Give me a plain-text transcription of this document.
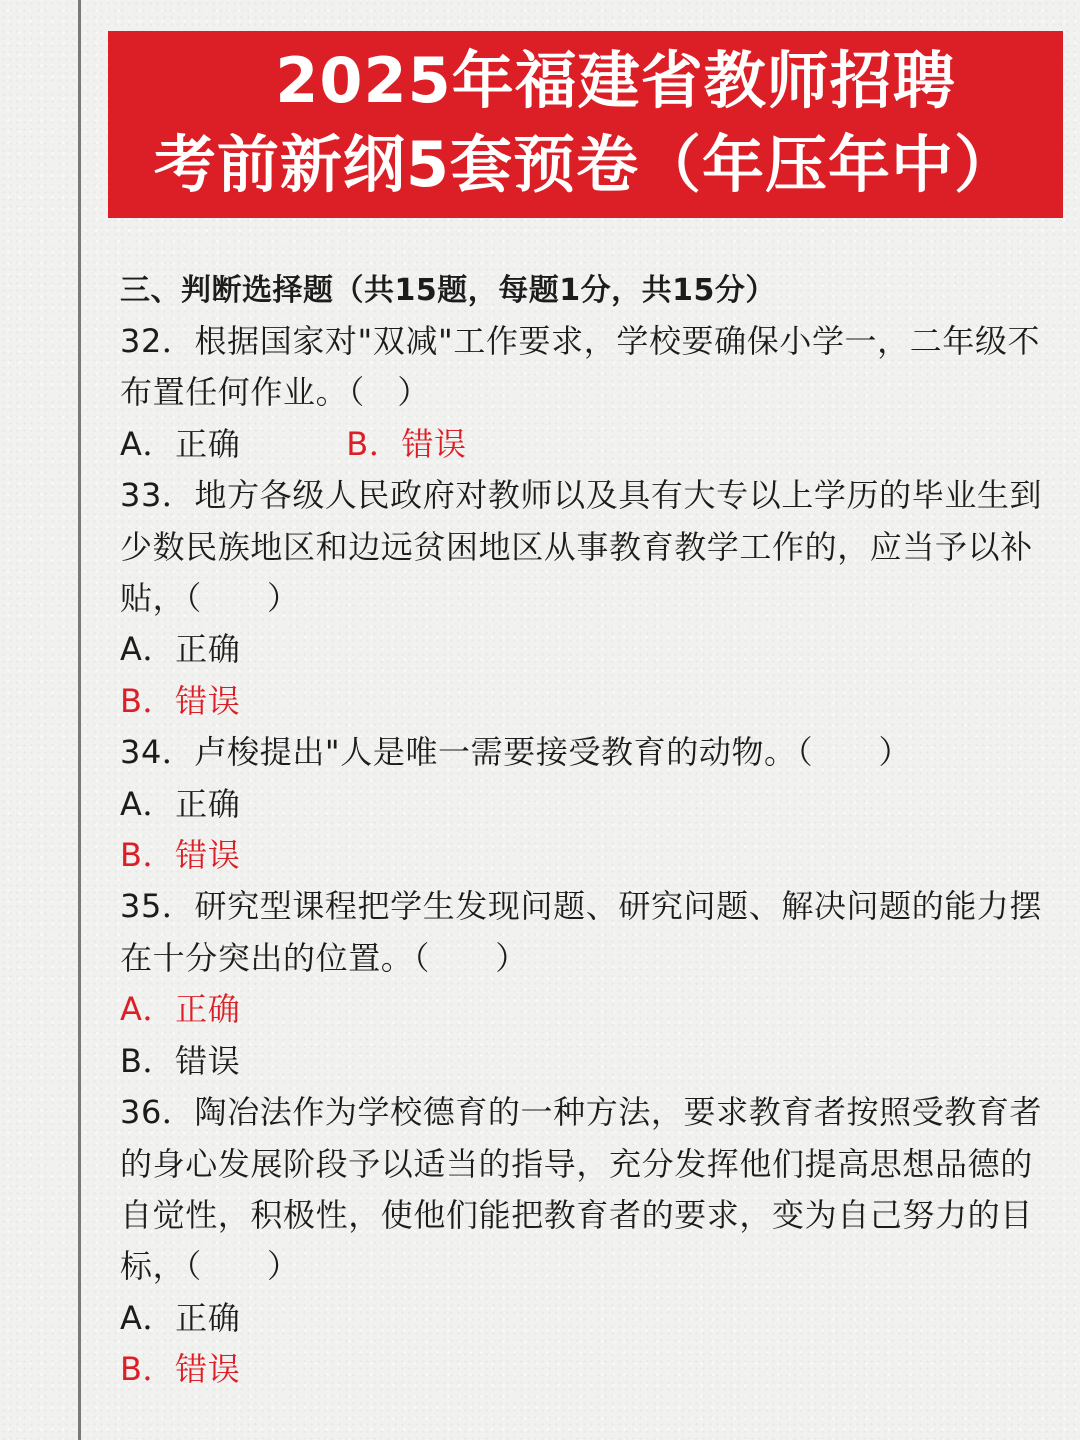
2025年福建省教师招聘
考前新纲5套预卷（年压年中）
三、判断选择题（共15题，每题1分，共15分）

32．根据国家对"双减"工作要求，学校要确保小学一，二年级不布置任何作业。（　）

A．正确	B．错误

33．地方各级人民政府对教师以及具有大专以上学历的毕业生到少数民族地区和边远贫困地区从事教育教学工作的，应当予以补贴，（　　）

A．正确
B．错误

34．卢梭提出"人是唯一需要接受教育的动物。（　　）

A．正确
B．错误

35．研究型课程把学生发现问题、研究问题、解决问题的能力摆在十分突出的位置。（　　）

A．正确
B．错误

36．陶冶法作为学校德育的一种方法，要求教育者按照受教育者的身心发展阶段予以适当的指导，充分发挥他们提高思想品德的自觉性，积极性，使他们能把教育者的要求，变为自己努力的目标，（　　）

A．正确
B．错误
